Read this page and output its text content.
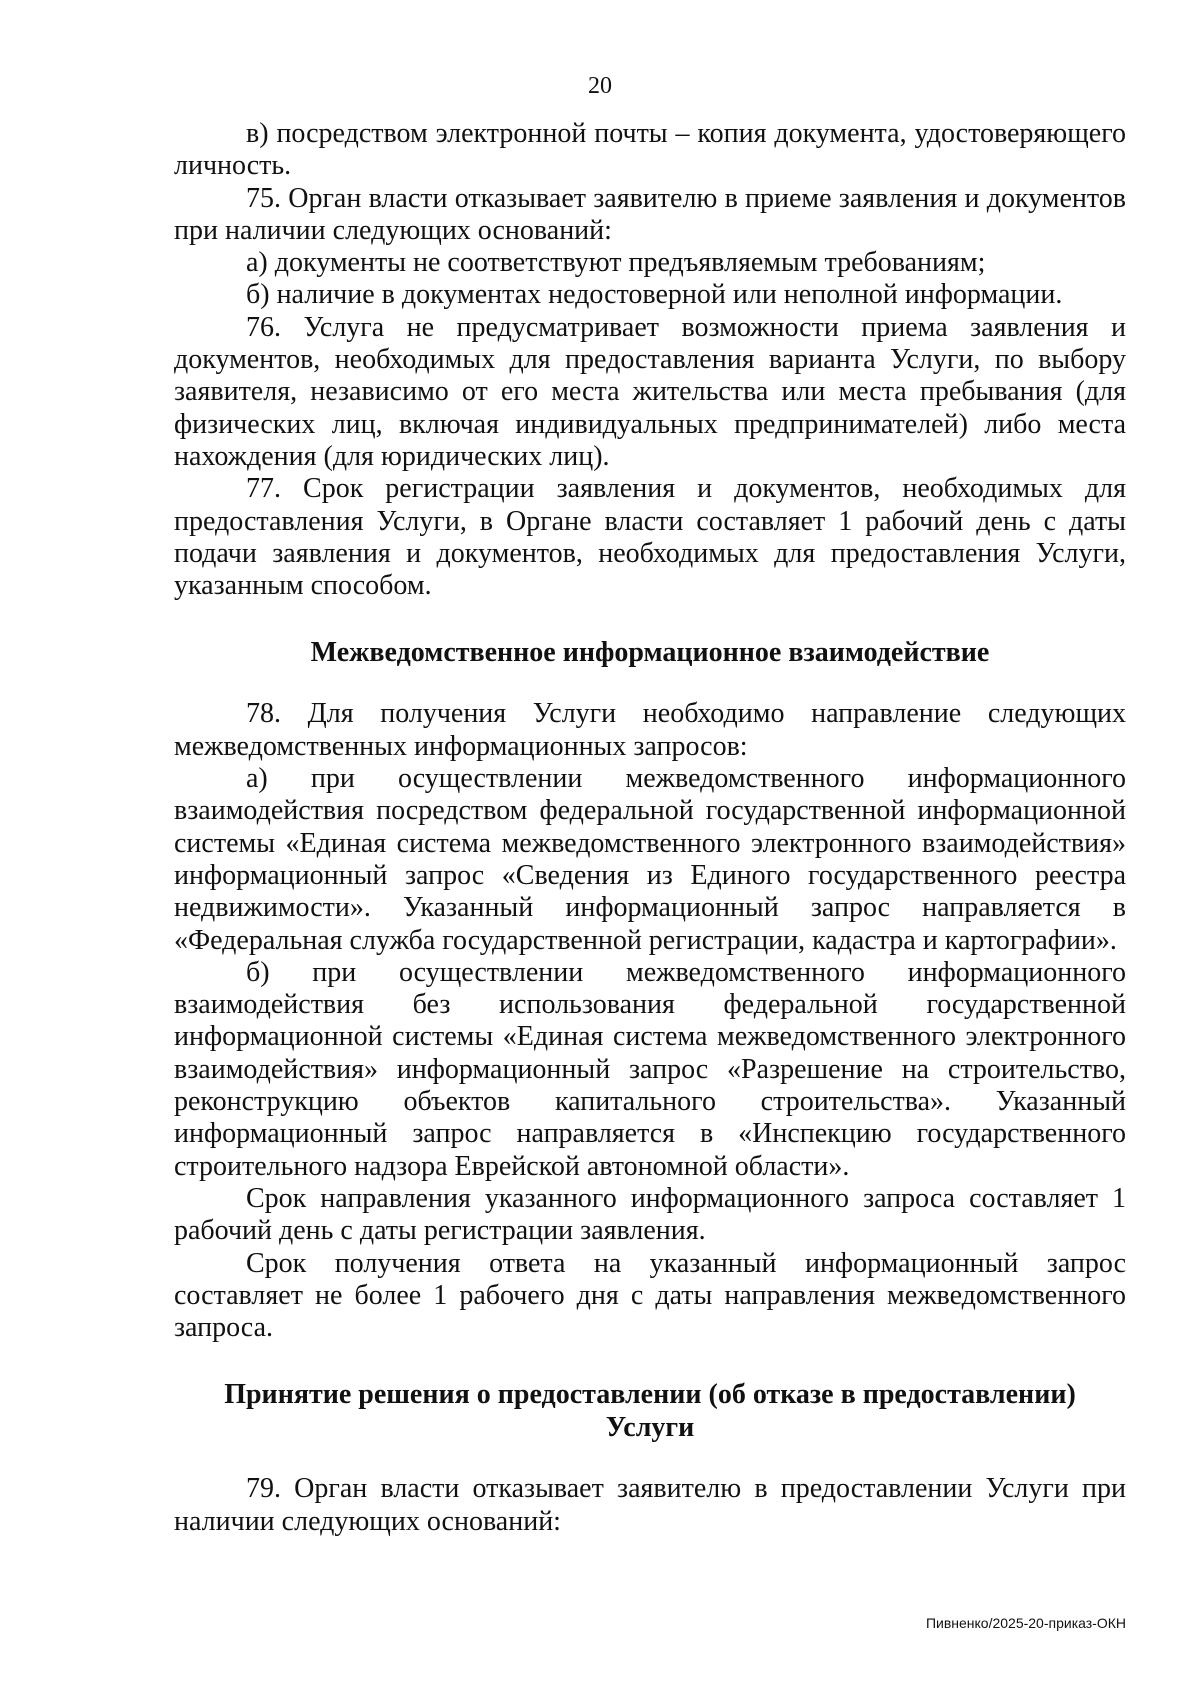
20

в) посредством электронной почты – копия документа, удостоверяющего личность.

75. Орган власти отказывает заявителю в приеме заявления и документов при наличии следующих оснований:

а) документы не соответствуют предъявляемым требованиям;

б) наличие в документах недостоверной или неполной информации.

76. Услуга не предусматривает возможности приема заявления и документов, необходимых для предоставления варианта Услуги, по выбору заявителя, независимо от его места жительства или места пребывания (для физических лиц, включая индивидуальных предпринимателей) либо места нахождения (для юридических лиц).

77. Срок регистрации заявления и документов, необходимых для предоставления Услуги, в Органе власти составляет 1 рабочий день с даты подачи заявления и документов, необходимых для предоставления Услуги, указанным способом.

Межведомственное информационное взаимодействие

78. Для получения Услуги необходимо направление следующих межведомственных информационных запросов:

а) при осуществлении межведомственного информационного взаимодействия посредством федеральной государственной информационной системы «Единая система межведомственного электронного взаимодействия» информационный запрос «Сведения из Единого государственного реестра недвижимости». Указанный информационный запрос направляется в «Федеральная служба государственной регистрации, кадастра и картографии».

б) при осуществлении межведомственного информационного взаимодействия без использования федеральной государственной информационной системы «Единая система межведомственного электронного взаимодействия» информационный запрос «Разрешение на строительство, реконструкцию объектов капитального строительства». Указанный информационный запрос направляется в «Инспекцию государственного строительного надзора Еврейской автономной области».

Срок направления указанного информационного запроса составляет 1 рабочий день с даты регистрации заявления.

Срок получения ответа на указанный информационный запрос составляет не более 1 рабочего дня с даты направления межведомственного запроса.

Принятие решения о предоставлении (об отказе в предоставлении)
Услуги

79. Орган власти отказывает заявителю в предоставлении Услуги при наличии следующих оснований:

Пивненко/2025-20-приказ-ОКН
